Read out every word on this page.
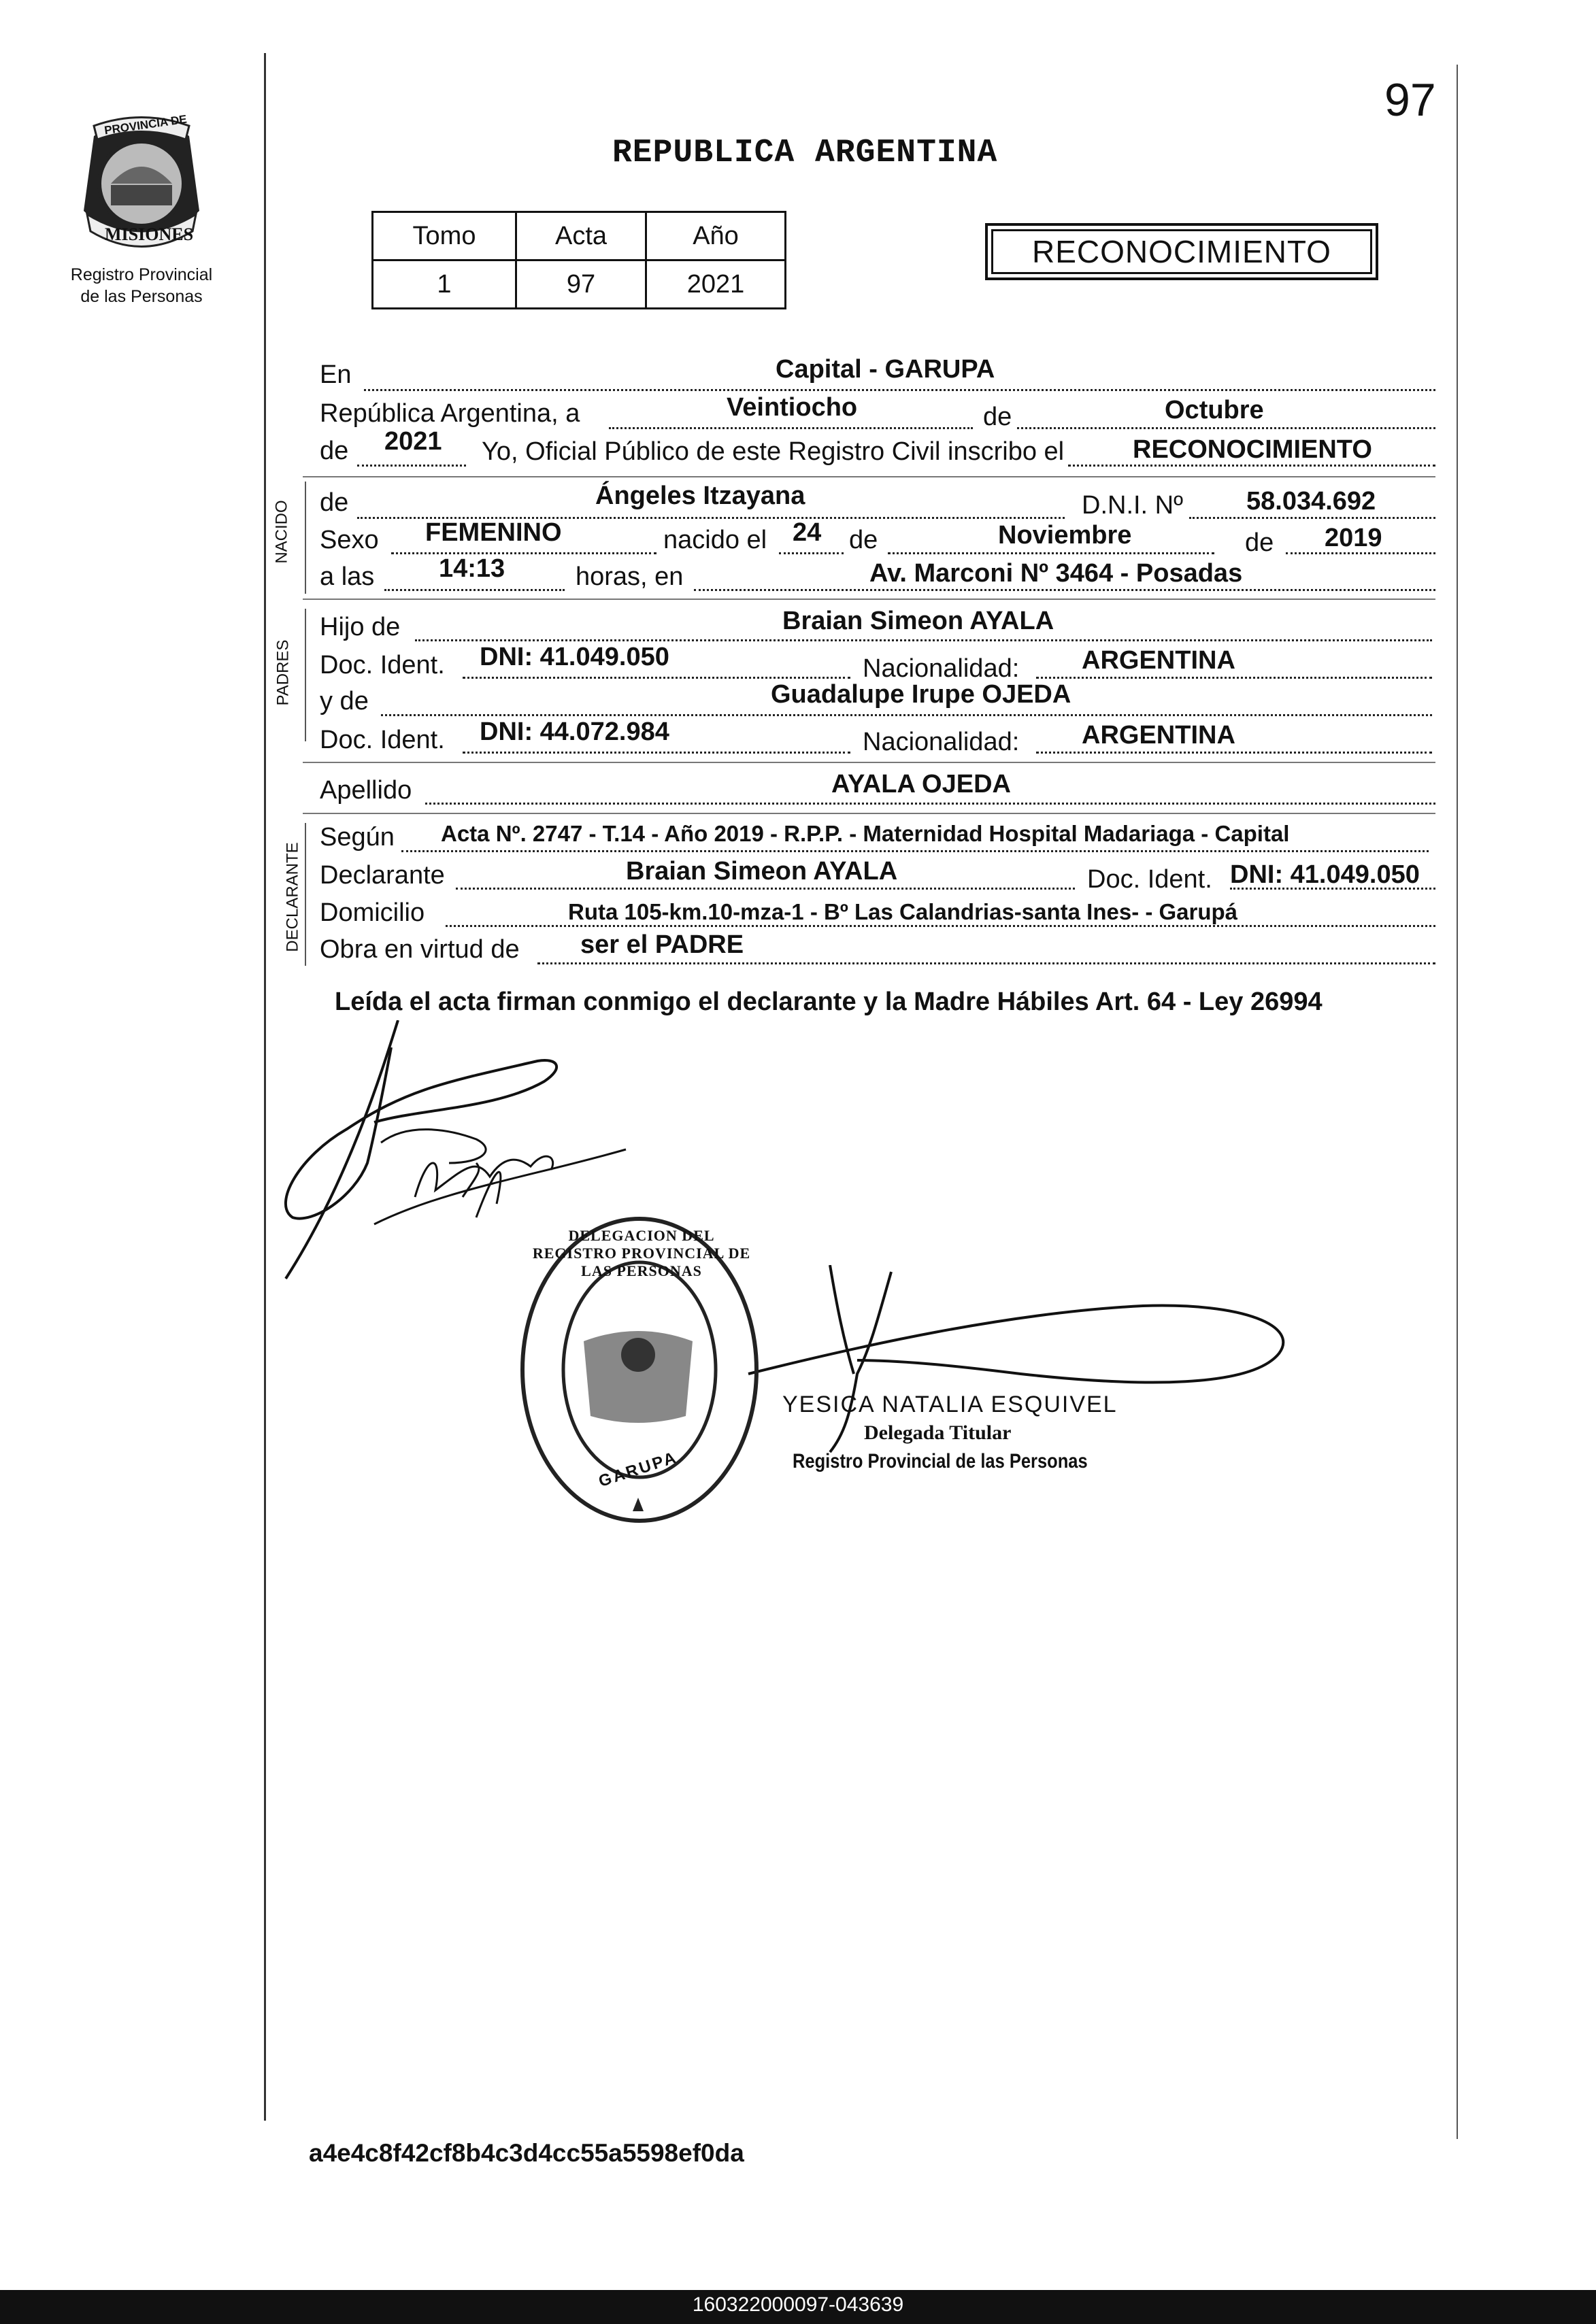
97
REPUBLICA ARGENTINA
PROVINCIA DE
MISIONES
Registro Provincial
de las Personas
Tomo	Acta	Año
1	97	2021
RECONOCIMIENTO
En	Capital - GARUPA
República Argentina, a	Veintiocho	de	Octubre
de 2021 Yo, Oficial Público de este Registro Civil inscribo el	RECONOCIMIENTO
NACIDO de	Ángeles Itzayana	D.N.I. Nº 58.034.692
Sexo FEMENINO	nacido el 24 de	Noviembre	de 2019
a las 14:13	horas, en	Av. Marconi Nº 3464 - Posadas
PADRES
Hijo de	Braian Simeon AYALA
Doc. Ident. DNI: 41.049.050	Nacionalidad: ARGENTINA
y de	Guadalupe Irupe OJEDA
Doc. Ident. DNI: 44.072.984	Nacionalidad: ARGENTINA
Apellido	AYALA OJEDA
DECLARANTE
Según Acta Nº. 2747 - T.14 - Año 2019 - R.P.P. - Maternidad Hospital Madariaga - Capital
Declarante	Braian Simeon AYALA	Doc. Ident. DNI: 41.049.050
Domicilio	Ruta 105-km.10-mza-1 - Bº Las Calandrias-santa Ines- - Garupá
Obra en virtud de ser el PADRE
Leída el acta firman conmigo el declarante y la Madre Hábiles Art. 64 - Ley 26994
DELEGACION DEL REGISTRO PROVINCIAL DE LAS PERSONAS
GARUPA
YESICA NATALIA ESQUIVEL
Delegada Titular
Registro Provincial de las Personas
a4e4c8f42cf8b4c3d4cc55a5598ef0da
160322000097-043639
